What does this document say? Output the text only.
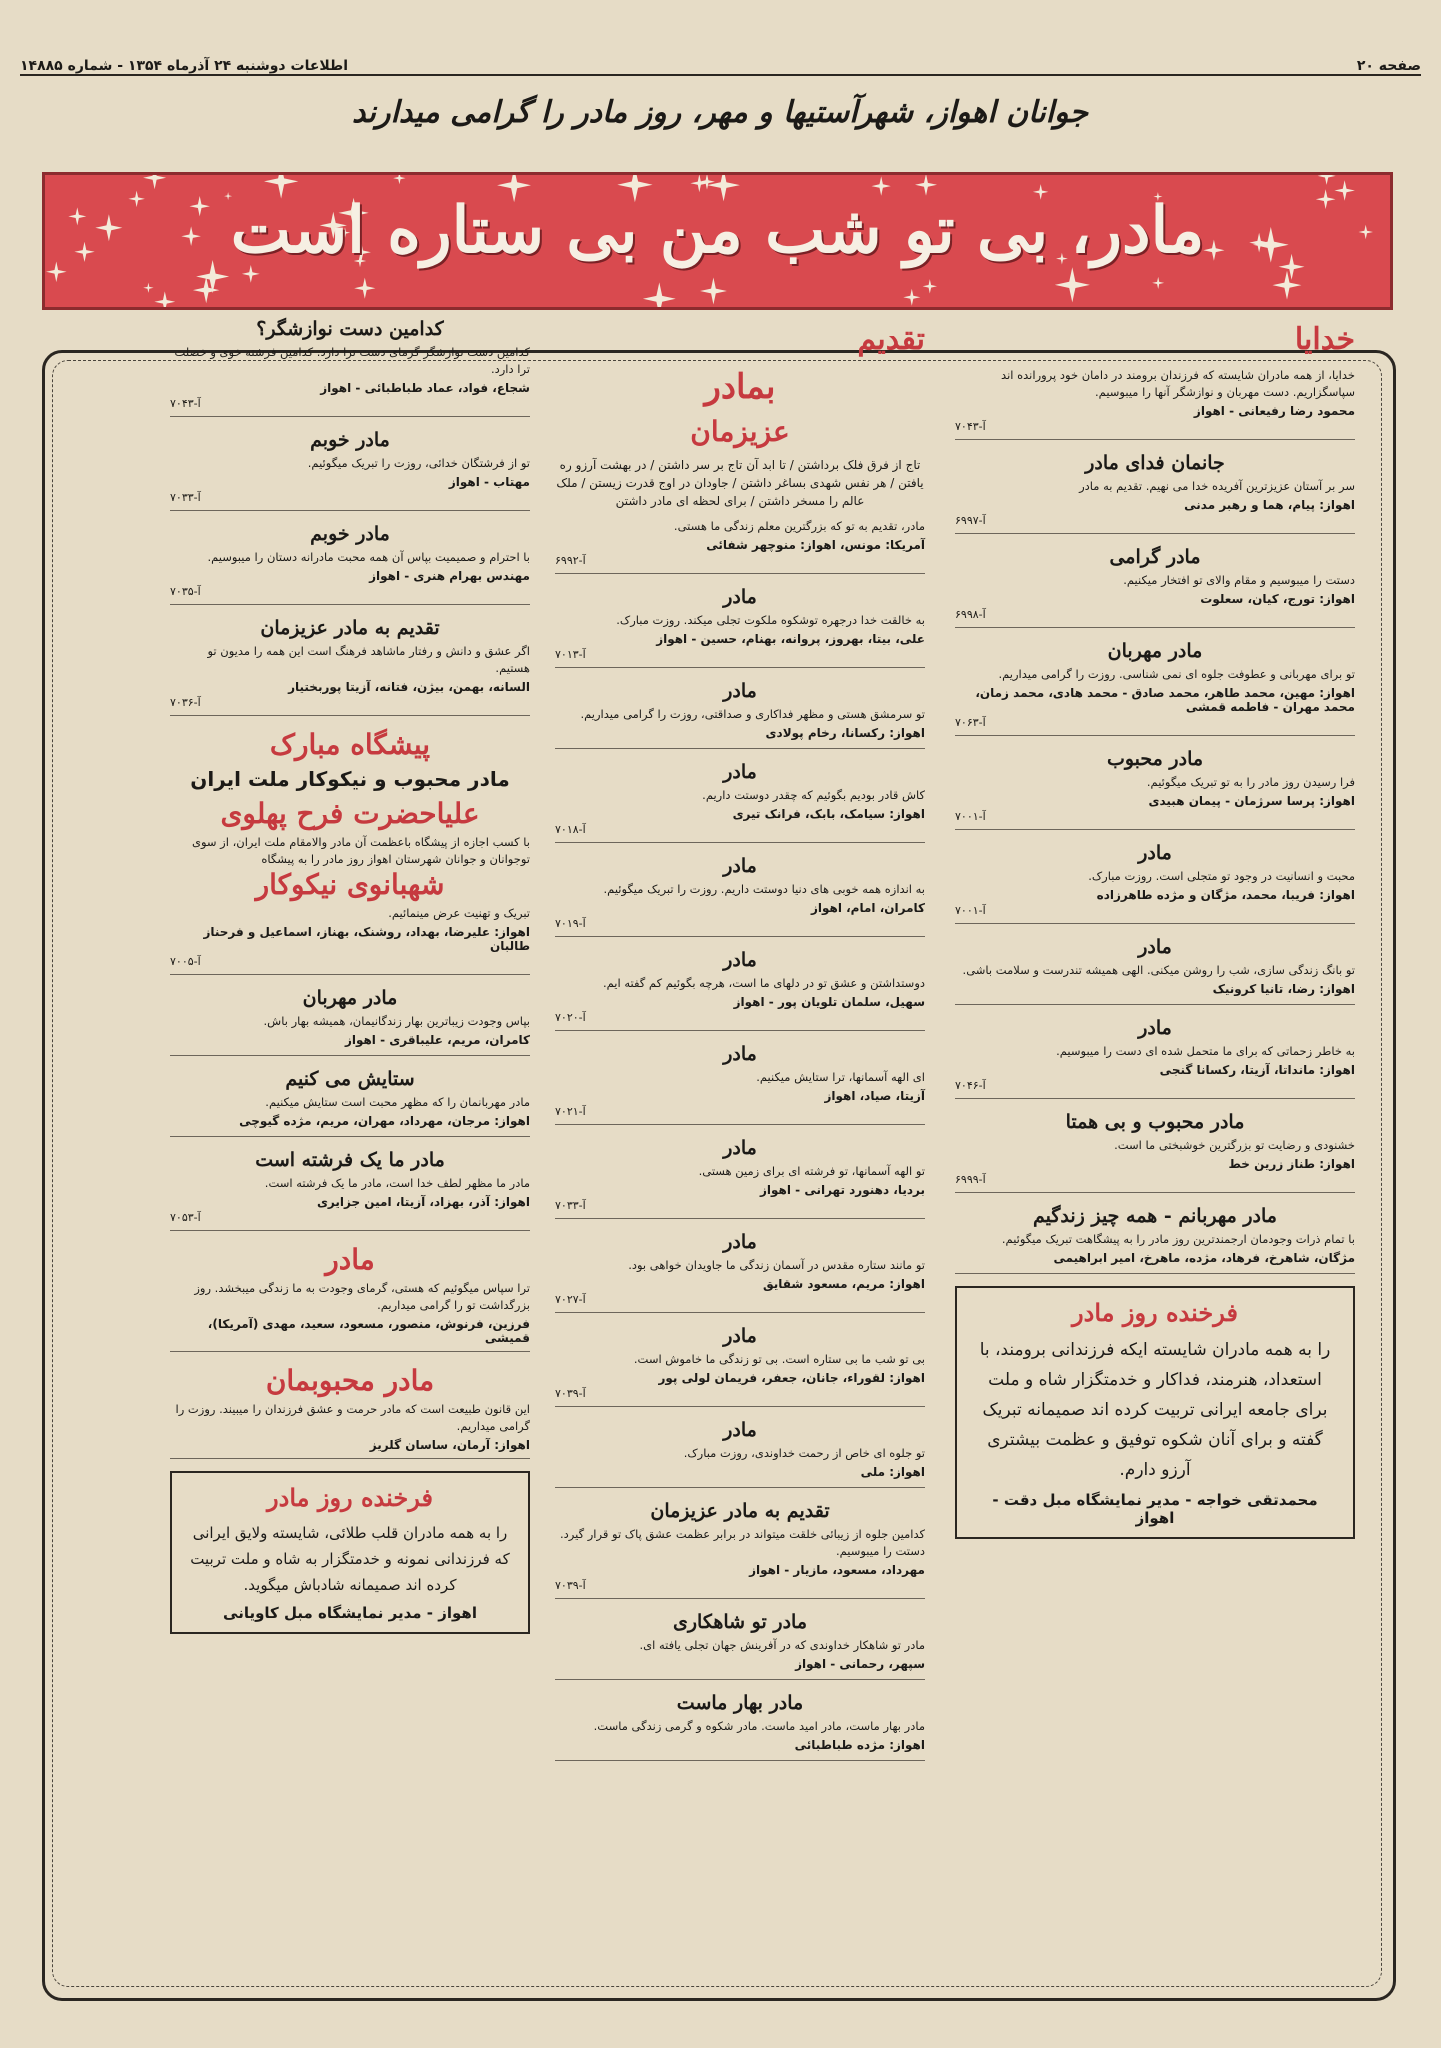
صفحه ۲۰
اطلاعات دوشنبه ۲۴ آذرماه ۱۳۵۴ - شماره ۱۴۸۸۵
جوانان اهواز، شهرآستیها و مهر، روز مادر را گرامی میدارند
مادر، بی تو شب من بی ستاره است
خدایا

خدایا، از همه مادران شایسته که فرزندان برومند در دامان خود پرورانده اند سپاسگزاریم. دست مهربان و نوازشگر آنها را میبوسیم.

محمود رضا رفیعانی - اهواز
آ-۷۰۴۳
جانمان فدای مادر

سر بر آستان عزیزترین آفریده خدا می نهیم. تقدیم به مادر

اهواز: پیام، هما و رهبر مدنی
آ-۶۹۹۷
مادر گرامی

دستت را میبوسیم و مقام والای تو افتخار میکنیم.

اهواز: تورج، کیان، سعلوت
آ-۶۹۹۸
مادر مهربان

تو برای مهربانی و عطوفت جلوه ای نمی شناسی. روزت را گرامی میداریم.

اهواز: مهین، محمد طاهر، محمد صادق - محمد هادی، محمد زمان، محمد مهران - فاطمه قمشی
آ-۷۰۶۳
مادر محبوب

فرا رسیدن روز مادر را به تو تبریک میگوئیم.

اهواز: پرسا سرژمان - پیمان هبیدی
آ-۷۰۰۱
مادر

محبت و انسانیت در وجود تو متجلی است. روزت مبارک.

اهواز: فریبا، محمد، مژگان و مژده طاهرزاده
آ-۷۰۰۱
مادر

تو بانگ زندگی سازی، شب را روشن میکنی. الهی همیشه تندرست و سلامت باشی.

اهواز: رضا، تانیا کرونیک
مادر

به خاطر زحماتی که برای ما متحمل شده ای دست را میبوسیم.

اهواز: مانداتا، آزیتا، رکسانا گنجی
آ-۷۰۴۶
مادر محبوب و بی همتا

خشنودی و رضایت تو بزرگترین خوشبختی ما است.

اهواز: طناز زرین خط
آ-۶۹۹۹
مادر مهربانم - همه چیز زندگیم

با تمام ذرات وجودمان ارجمندترین روز مادر را به پیشگاهت تبریک میگوئیم.

مژگان، شاهرخ، فرهاد، مژده، ماهرخ، امیر ابراهیمی
فرخنده روز مادر

را به همه مادران شایسته ایکه فرزندانی برومند، با استعداد، هنرمند، فداکار و خدمتگزار شاه و ملت برای جامعه ایرانی تربیت کرده اند صمیمانه تبریک گفته و برای آنان شکوه توفیق و عظمت بیشتری آرزو دارم.

محمدتقی خواجه - مدیر نمایشگاه مبل دقت - اهواز
تقدیم
بمادر
عزیزمان
تاج از فرق فلک برداشتن / تا ابد آن تاج بر سر داشتن / در بهشت آرزو ره یافتن / هر نفس شهدی بساغر داشتن / جاودان در اوج قدرت زیستن / ملک عالم را مسخر داشتن / برای لحظه ای مادر داشتن

مادر، تقدیم به تو که بزرگترین معلم زندگی ما هستی.

آمریکا: مونس، اهواز: منوچهر شفائی
آ-۶۹۹۲
مادر

به خالقت خدا درجهره توشکوه ملکوت تجلی میکند. روزت مبارک.

علی، بیتا، بهروز، پروانه، بهنام، حسین - اهواز
آ-۷۰۱۳
مادر

تو سرمشق هستی و مظهر فداکاری و صداقتی، روزت را گرامی میداریم.

اهواز: رکسانا، رخام پولادی
مادر

کاش قادر بودیم بگوئیم که چقدر دوستت داریم.

اهواز: سیامک، بابک، فرانک تیری
آ-۷۰۱۸
مادر

به اندازه همه خوبی های دنیا دوستت داریم. روزت را تبریک میگوئیم.

کامران، امام، اهواز
آ-۷۰۱۹
مادر

دوستداشتن و عشق تو در دلهای ما است، هرچه بگوئیم کم گفته ایم.

سهیل، سلمان تلویان پور - اهواز
آ-۷۰۲۰
مادر

ای الهه آسمانها، ترا ستایش میکنیم.

آزیتا، صیاد، اهواز
آ-۷۰۲۱
مادر

تو الهه آسمانها، تو فرشته ای برای زمین هستی.

بردیا، دهنورد تهرانی - اهواز
آ-۷۰۳۳
مادر

تو مانند ستاره مقدس در آسمان زندگی ما جاویدان خواهی بود.

اهواز: مریم، مسعود شقایق
آ-۷۰۲۷
مادر

بی تو شب ما بی ستاره است. بی تو زندگی ما خاموش است.

اهواز: لقوراء، جانان، جعفر، فریمان لولی پور
آ-۷۰۳۹
مادر

تو جلوه ای خاص از رحمت خداوندی، روزت مبارک.

اهواز: ملی
تقدیم به مادر عزیزمان

کدامین جلوه از زیبائی خلقت میتواند در برابر عظمت عشق پاک تو قرار گیرد. دستت را میبوسیم.

مهرداد، مسعود، مازیار - اهواز
آ-۷۰۳۹
مادر تو شاهکاری

مادر تو شاهکار خداوندی که در آفرینش جهان تجلی یافته ای.

سپهر، رحمانی - اهواز
مادر بهار ماست

مادر بهار ماست، مادر امید ماست. مادر شکوه و گرمی زندگی ماست.

اهواز: مژده طباطبائی
کدامین دست نوازشگر؟

کدامین دست نوازشگر گرمای دست ترا دارد. کدامین فرشته خوی و خصلت ترا دارد.

شجاع، فواد، عماد طباطبائی - اهواز
آ-۷۰۴۳
مادر خوبم

تو از فرشتگان خدائی، روزت را تبریک میگوئیم.

مهتاب - اهواز
آ-۷۰۳۳
مادر خوبم

با احترام و صمیمیت بپاس آن همه محبت مادرانه دستان را میبوسیم.

مهندس بهرام هنری - اهواز
آ-۷۰۳۵
تقدیم به مادر عزیزمان

اگر عشق و دانش و رفتار ماشاهد فرهنگ است این همه را مدیون تو هستیم.

السانه، بهمن، بیژن، فتانه، آزیتا پوربختیار
آ-۷۰۳۶
پیشگاه مبارک
مادر محبوب و نیکوکار ملت ایران
علیاحضرت فرح پهلوی

با کسب اجازه از پیشگاه باعظمت آن مادر والامقام ملت ایران، از سوی توجوانان و جوانان شهرستان اهواز روز مادر را به پیشگاه

شهبانوی نیکوکار

تبریک و تهنیت عرض مینمائیم.

اهواز: علیرضا، بهداد، روشنک، بهناز، اسماعیل و فرحناز طالبان
آ-۷۰۰۵
مادر مهربان

بپاس وجودت زیباترین بهار زندگانیمان، همیشه بهار باش.

کامران، مریم، علیباقری - اهواز
ستایش می کنیم

مادر مهربانمان را که مظهر محبت است ستایش میکنیم.

اهواز: مرجان، مهرداد، مهران، مریم، مژده گیوچی
مادر ما یک فرشته است

مادر ما مظهر لطف خدا است، مادر ما یک فرشته است.

اهواز: آذر، بهزاد، آزیتا، امین جزایری
آ-۷۰۵۳
مادر

ترا سپاس میگوئیم که هستی، گرمای وجودت به ما زندگی میبخشد. روز بزرگداشت تو را گرامی میداریم.

فرزین، فرنوش، منصور، مسعود، سعید، مهدی (آمریکا)، قمیشی
مادر محبوبمان

این قانون طبیعت است که مادر حرمت و عشق فرزندان را میبیند. روزت را گرامی میداریم.

اهواز: آرمان، ساسان گلریز
فرخنده روز مادر

را به همه مادران قلب طلائی، شایسته ولایق ایرانی که فرزندانی نمونه و خدمتگزار به شاه و ملت تربیت کرده اند صمیمانه شادباش میگوید.

اهواز - مدیر نمایشگاه مبل کاویانی
